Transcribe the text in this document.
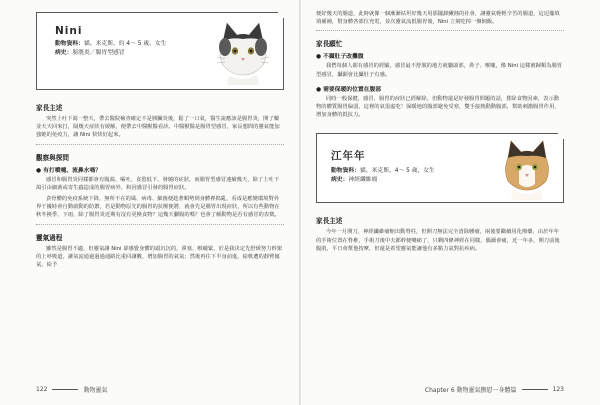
Nini
動物資料：貓、米克斯、約 4～ 5 歲、女生
病史：膀胱炎／腸胃型感冒
家長主述

突然上吐下瀉一整天，帶去醫院檢查確定不是胰臟炎後，鬆了一口氣，醫生說應該是腸胃炎，開了藥並天天回來打，隔幾天症狀有緩解，便帶去中醫獸醫看診。中醫獸醫是腸胃型感冒，家長想問的靈氣能加強她的免疫力，讓 Nini 快快好起來。

觀察與探問
● 有打噴嚏、流鼻水嗎？

感冒和腸胃炎同樣都會有腹瀉、嘔吐、食慾低下、發燒的症狀，而腸胃型感冒連續幾天，除了上吐下瀉引由細菌或寄生蟲造成的腸胃病外，和因感冒引發的腸胃症狀。

貪骨體的免疫系統下降，無所不在的風、病毒、細菌便趁著順勢到身體裡搗亂，看成是應變環境對外界干擾時會自動啟動的防禦，若是動物原先的腸胃的抗壓便將，就會先是腸胃出現症狀，所以有些動物在秋冬換季、下雨，除了腸胃炎近期有沒有更換食物？這幾天腳腸的嗎？也會了解動物是否有感冒的表徵。

靈氣過程

雖然是腸胃不適，但靈氣讓 Nini 卻感覺身體的頭沉沉的，鼻塞、喉嚨緊，於是我決定先舒緩努力幹架的上呼吸道，讓氣流通過過過通路比重回讓數，增加腸胃的氣氣；然後再往下半身前進，給軟遭的靜臂傾氣，給予

122	動物靈氣

便好幾天的腸道，此時就像一個漸漸枯坦好幾天用那擺卸鰍蝕的社會，讓靈氣輕輕辛苦的腸道，這逗擺填填補補，幫身體各部位充電，並次靈氣流抵腸胃後，Nini 立刻吃掉一盤飼飯。

家長願忙
● 不攝肚子改攤腹

我們每個人都有感冒的經驗，感冒最不舒服的地方就屬頭部，鼻子、喉嚨，像 Nini 這樣被歸類為腸胃型感冒，攝顕會比攝肚子有感。

● 需要保暖的位置在腹部

同時一般保健，感冒、腸胃的症狀已經解除，但動物還是好發腸胃問題的話，排除食物因素，表示動物的體質腸胃偏弱，這裡的氣很虛吃！保暖地的腹部避免受寒，雙手接熱動動腹部，幫助刺激腸胃作用，增加身體的抵抗力。

江年年
動物資料：貓、米克斯、4～ 5 歲、女生
病史：神經纖維瘤
家長主述

今年一月開刀，神經纖維瘤缩出動脊柱，但開刀無法完全清除腫瘤，兩後要繼續用化療藥，由於年年的手術位置在脊椎，手術刀後中夫都幹便嘴痛了，只剩四條神經在同樣，偶爾會痛，近一年多，開刀前後腹肌，平日會幫他按摩，但還是希望靈氣能讓他有多點力氣對抗疾病。

Chapter 6 動物靈氣撫慰一身體篇	123
